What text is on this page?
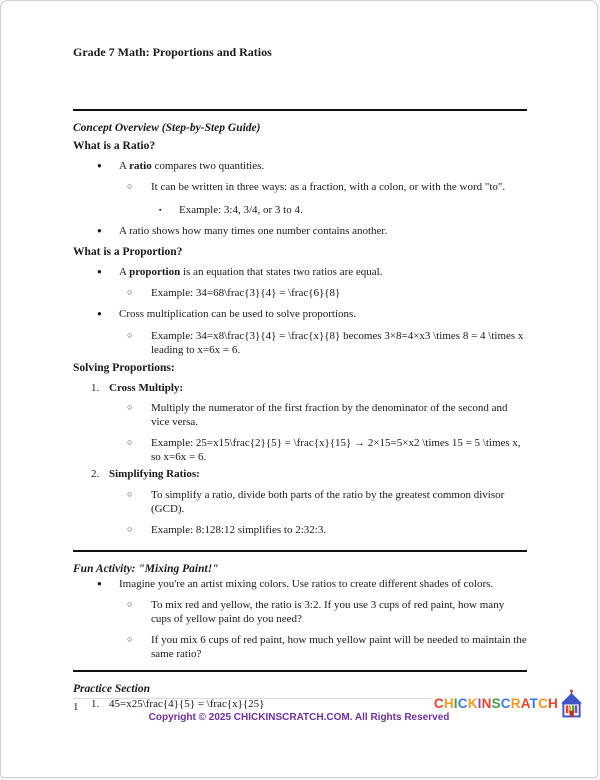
Grade 7 Math: Proportions and Ratios

Concept Overview (Step-by-Step Guide)

What is a Ratio?

●	A ratio compares two quantities.
○	It can be written in three ways: as a fraction, with a colon, or with the word "to".
▪	Example: 3:4, 3/4, or 3 to 4.
●	A ratio shows how many times one number contains another.

What is a Proportion?

●	A proportion is an equation that states two ratios are equal.
○	Example: 34=68\frac{3}{4} = \frac{6}{8}
●	Cross multiplication can be used to solve proportions.
○	Example: 34=x8\frac{3}{4} = \frac{x}{8} becomes 3×8=4×x3 \times 8 = 4 \times x leading to x=6x = 6.

Solving Proportions:

1. Cross Multiply:
○	Multiply the numerator of the first fraction by the denominator of the second and vice versa.
○	Example: 25=x15\frac{2}{5} = \frac{x}{15} → 2×15=5×x2 \times 15 = 5 \times x, so x=6x = 6.
2. Simplifying Ratios:
○	To simplify a ratio, divide both parts of the ratio by the greatest common divisor (GCD).
○	Example: 8:128:12 simplifies to 2:32:3.

Fun Activity: "Mixing Paint!"

●	Imagine you're an artist mixing colors. Use ratios to create different shades of colors.
○	To mix red and yellow, the ratio is 3:2. If you use 3 cups of red paint, how many cups of yellow paint do you need?
○	If you mix 6 cups of red paint, how much yellow paint will be needed to maintain the same ratio?

Practice Section

1. 45=x25\frac{4}{5} = \frac{x}{25}
1	CHICKINSCRATCH
Copyright © 2025 CHICKINSCRATCH.COM. All Rights Reserved
